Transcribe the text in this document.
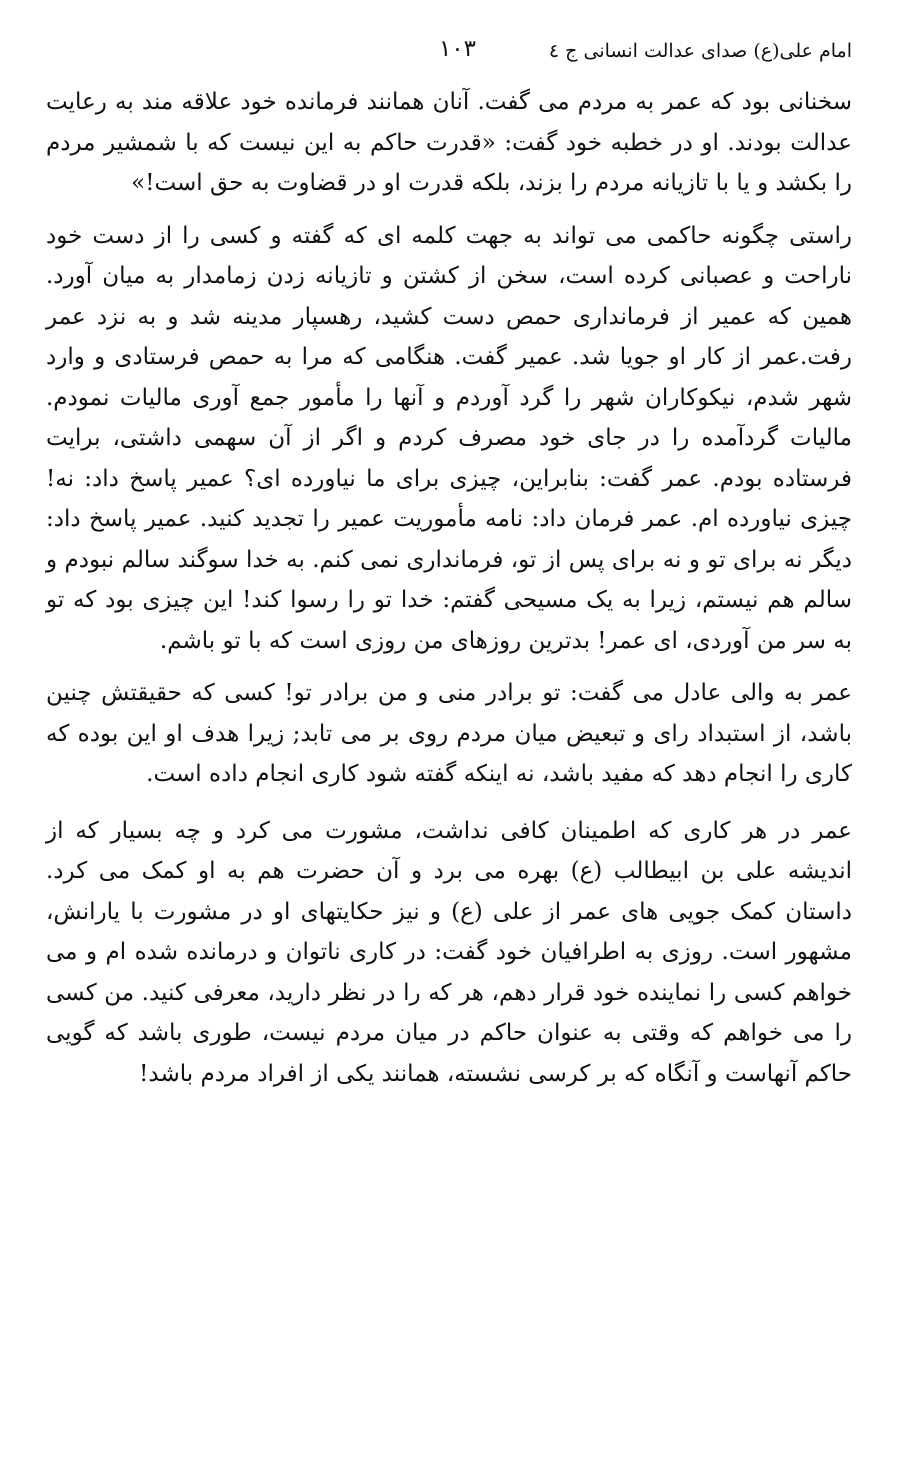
امام علی(ع) صدای عدالت انسانی ج ٤
۱۰۳

سخنانی بود که عمر به مردم می گفت. آنان همانند فرمانده خود علاقه مند به رعایت عدالت بودند. او در خطبه خود گفت: «قدرت حاکم به این نیست که با شمشیر مردم را بکشد و یا با تازیانه مردم را بزند، بلکه قدرت او در قضاوت به حق است!»

راستی چگونه حاکمی می تواند به جهت کلمه ای که گفته و کسی را از دست خود ناراحت و عصبانی کرده است، سخن از کشتن و تازیانه زدن زمامدار به میان آورد. همین که عمیر از فرمانداری حمص دست کشید، رهسپار مدینه شد و به نزد عمر رفت.عمر از کار او جویا شد. عمیر گفت. هنگامی که مرا به حمص فرستادی و وارد شهر شدم، نیکوکاران شهر را گرد آوردم و آنها را مأمور جمع آوری مالیات نمودم. مالیات گردآمده را در جای خود مصرف کردم و اگر از آن سهمی داشتی، برایت فرستاده بودم. عمر گفت: بنابراین، چیزی برای ما نیاورده ای؟ عمیر پاسخ داد: نه! چیزی نیاورده ام. عمر فرمان داد: نامه مأموریت عمیر را تجدید کنید. عمیر پاسخ داد: دیگر نه برای تو و نه برای پس از تو، فرمانداری نمی کنم. به خدا سوگند سالم نبودم و سالم هم نیستم، زیرا به یک مسیحی گفتم: خدا تو را رسوا کند! این چیزی بود که تو به سر من آوردی، ای عمر! بدترین روزهای من روزی است که با تو باشم.

عمر به والی عادل می گفت: تو برادر منی و من برادر تو! کسی که حقیقتش چنین باشد، از استبداد رای و تبعیض میان مردم روی بر می تابد; زیرا هدف او این بوده که کاری را انجام دهد که مفید باشد، نه اینکه گفته شود کاری انجام داده است.

عمر در هر کاری که اطمینان کافی نداشت، مشورت می کرد و چه بسیار که از اندیشه علی بن ابیطالب (ع) بهره می برد و آن حضرت هم به او کمک می کرد. داستان کمک جویی های عمر از علی (ع) و نیز حکایتهای او در مشورت با یارانش، مشهور است. روزی به اطرافیان خود گفت: در کاری ناتوان و درمانده شده ام و می خواهم کسی را نماینده خود قرار دهم، هر که را در نظر دارید، معرفی کنید. من کسی را می خواهم که وقتی به عنوان حاکم در میان مردم نیست، طوری باشد که گویی حاکم آنهاست و آنگاه که بر کرسی نشسته، همانند یکی از افراد مردم باشد!
